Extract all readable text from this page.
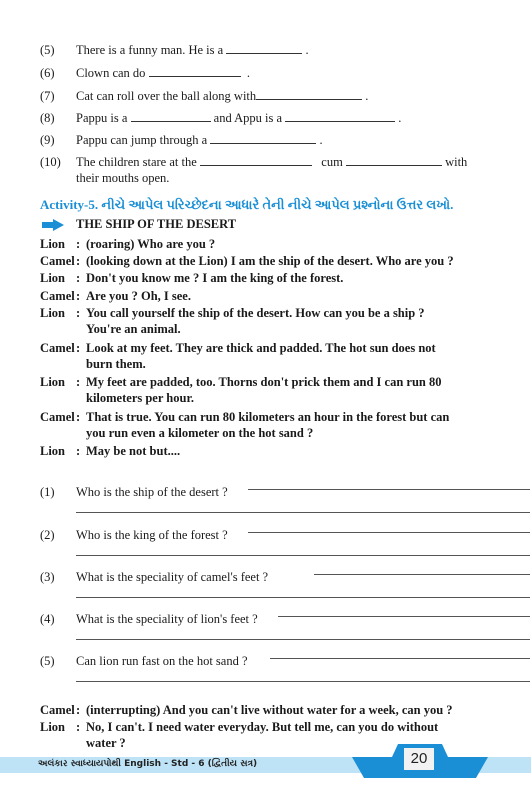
(5) There is a funny man. He is a	.
(6) Clown can do	.
(7) Cat can roll over the ball along with	.
(8) Pappu is a	and Appu is a	.
(9) Pappu can jump through a	.
(10) The children stare at the	cum	with
their mouths open.
Activity-5. નીચે આપેલ પરિચ્છેદના આધારે તેની નીચે આપેલ પ્રશ્નોના ઉત્તર લખો.
THE SHIP OF THE DESERT
Lion : (roaring) Who are you ?
Camel : (looking down at the Lion) I am the ship of the desert. Who are you ?
Lion : Don't you know me ? I am the king of the forest.
Camel : Are you ? Oh, I see.
Lion : You call yourself the ship of the desert. How can you be a ship ?
You're an animal.
Camel : Look at my feet. They are thick and padded. The hot sun does not
burn them.
Lion : My feet are padded, too. Thorns don't prick them and I can run 80
kilometers per hour.
Camel : That is true. You can run 80 kilometers an hour in the forest but can
you run even a kilometer on the hot sand ?
Lion : May be not but....
(1) Who is the ship of the desert ?
(2) Who is the king of the forest ?
(3) What is the speciality of camel's feet ?
(4) What is the speciality of lion's feet ?
(5) Can lion run fast on the hot sand ?
Camel : (interrupting) And you can't live without water for a week, can you ?
Lion : No, I can't. I need water everyday. But tell me, can you do without
water ?
અલંકાર સ્વાધ્યાયપોથી English - Std - 6 (દ્વિતીય સત્ર)	20
